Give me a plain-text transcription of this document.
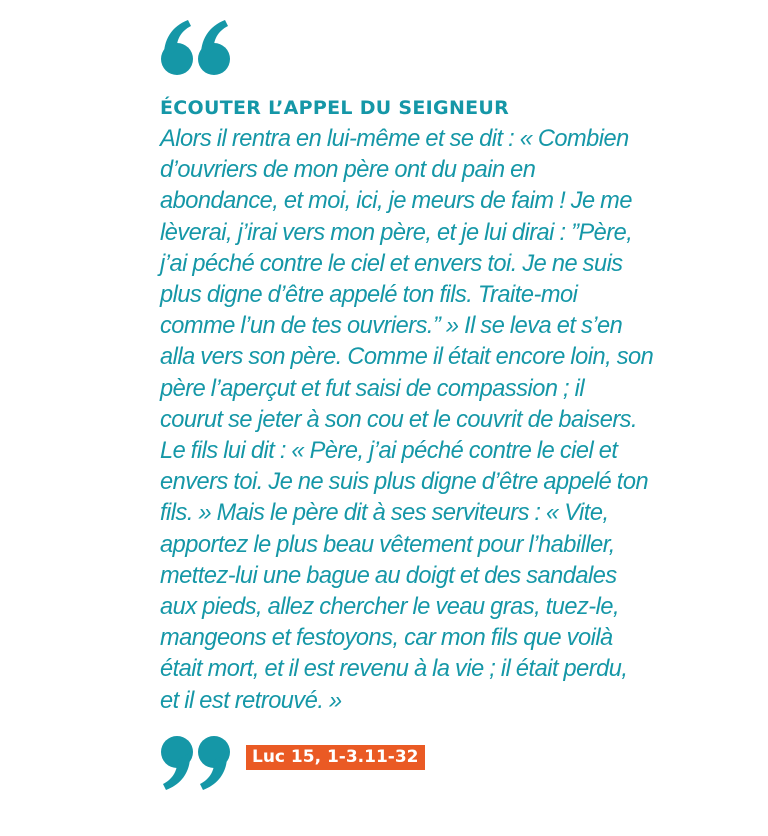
ÉCOUTER L’APPEL DU SEIGNEUR

Alors il rentra en lui-même et se dit : « Combien
d’ouvriers de mon père ont du pain en
abondance, et moi, ici, je meurs de faim ! Je me
lèverai, j’irai vers mon père, et je lui dirai : ”Père,
j’ai péché contre le ciel et envers toi. Je ne suis
plus digne d’être appelé ton fils. Traite-moi
comme l’un de tes ouvriers.” » Il se leva et s’en
alla vers son père. Comme il était encore loin, son
père l’aperçut et fut saisi de compassion ; il
courut se jeter à son cou et le couvrit de baisers.
Le fils lui dit : « Père, j’ai péché contre le ciel et
envers toi. Je ne suis plus digne d’être appelé ton
fils. » Mais le père dit à ses serviteurs : « Vite,
apportez le plus beau vêtement pour l’habiller,
mettez-lui une bague au doigt et des sandales
aux pieds, allez chercher le veau gras, tuez-le,
mangeons et festoyons, car mon fils que voilà
était mort, et il est revenu à la vie ; il était perdu,
et il est retrouvé. »

Luc 15, 1-3.11-32
